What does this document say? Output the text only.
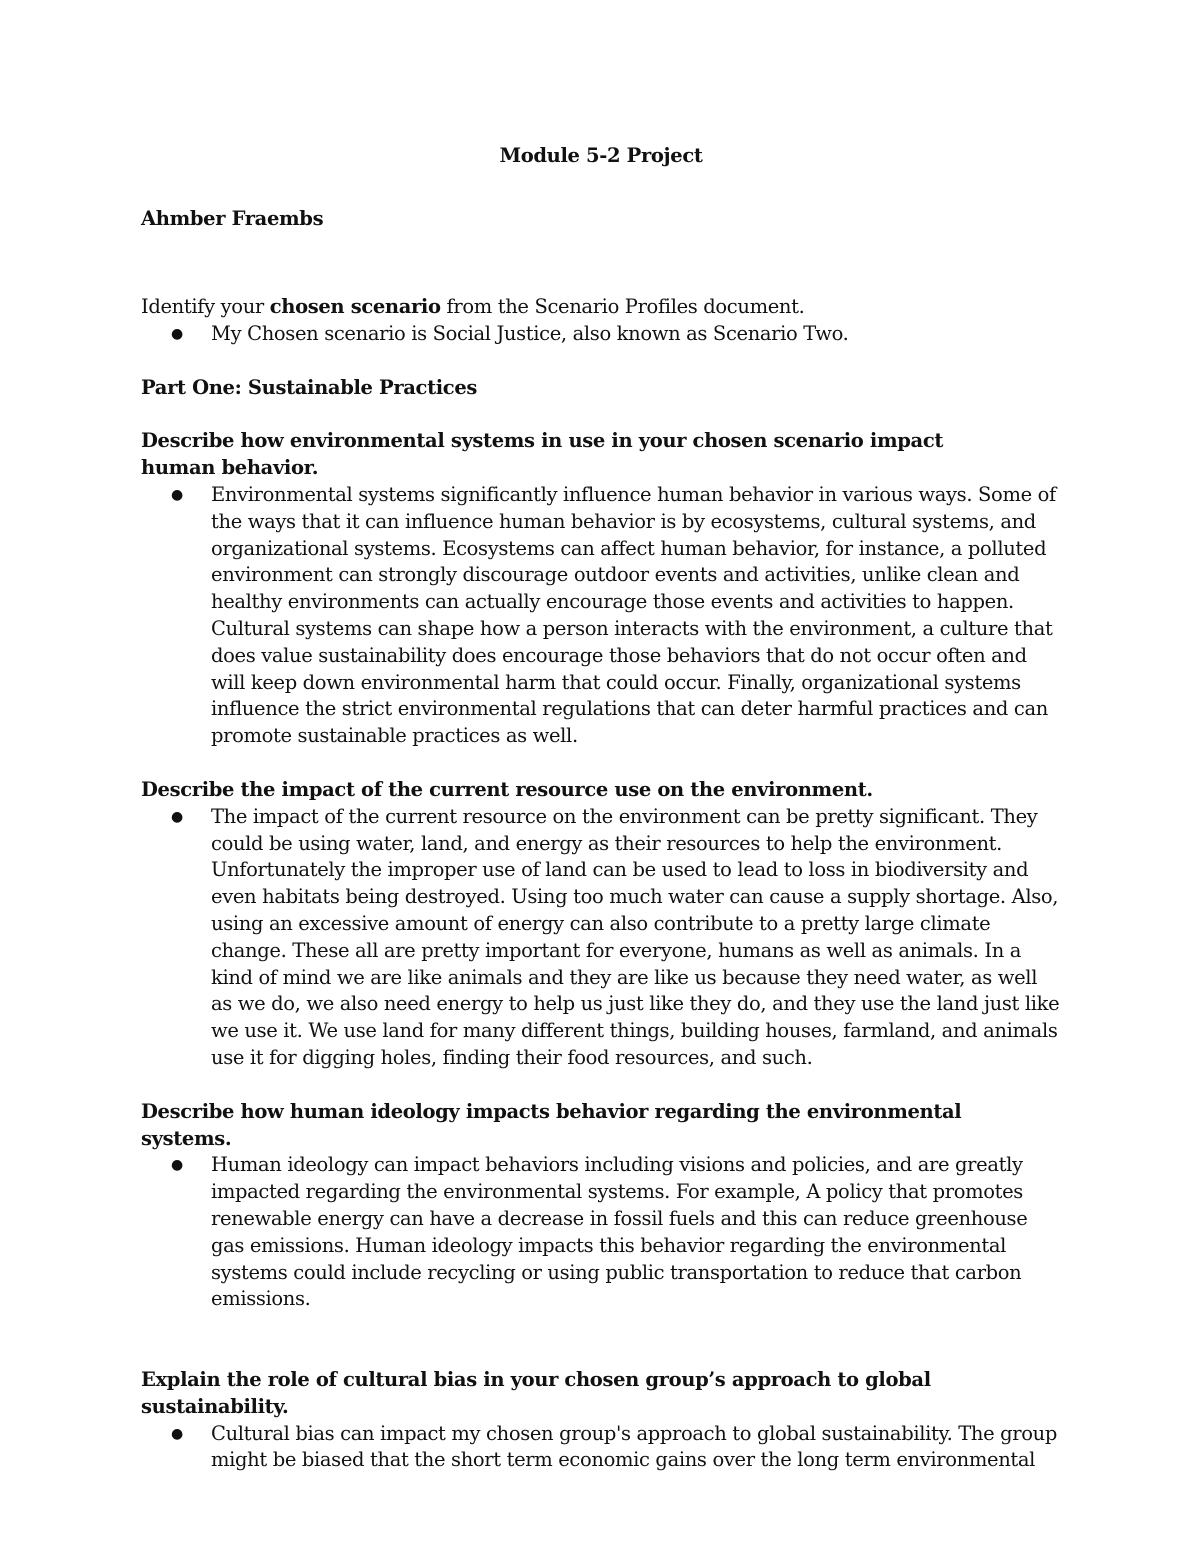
Module 5-2 Project
Ahmber Fraembs
Identify your chosen scenario from the Scenario Profiles document.
● My Chosen scenario is Social Justice, also known as Scenario Two.
Part One: Sustainable Practices
Describe how environmental systems in use in your chosen scenario impact human behavior.
● Environmental systems significantly influence human behavior in various ways. Some of the ways that it can influence human behavior is by ecosystems, cultural systems, and organizational systems. Ecosystems can affect human behavior, for instance, a polluted environment can strongly discourage outdoor events and activities, unlike clean and healthy environments can actually encourage those events and activities to happen. Cultural systems can shape how a person interacts with the environment, a culture that does value sustainability does encourage those behaviors that do not occur often and will keep down environmental harm that could occur. Finally, organizational systems influence the strict environmental regulations that can deter harmful practices and can promote sustainable practices as well.
Describe the impact of the current resource use on the environment.
● The impact of the current resource on the environment can be pretty significant. They could be using water, land, and energy as their resources to help the environment. Unfortunately the improper use of land can be used to lead to loss in biodiversity and even habitats being destroyed. Using too much water can cause a supply shortage. Also, using an excessive amount of energy can also contribute to a pretty large climate change. These all are pretty important for everyone, humans as well as animals. In a kind of mind we are like animals and they are like us because they need water, as well as we do, we also need energy to help us just like they do, and they use the land just like we use it. We use land for many different things, building houses, farmland, and animals use it for digging holes, finding their food resources, and such.
Describe how human ideology impacts behavior regarding the environmental systems.
● Human ideology can impact behaviors including visions and policies, and are greatly impacted regarding the environmental systems. For example, A policy that promotes renewable energy can have a decrease in fossil fuels and this can reduce greenhouse gas emissions. Human ideology impacts this behavior regarding the environmental systems could include recycling or using public transportation to reduce that carbon emissions.
Explain the role of cultural bias in your chosen group’s approach to global sustainability.
● Cultural bias can impact my chosen group's approach to global sustainability. The group might be biased that the short term economic gains over the long term environmental
